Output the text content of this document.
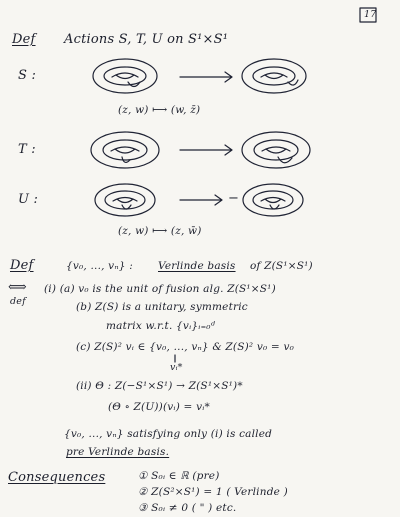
17
Def Actions S, T, U on S¹×S¹
S :
(z, w) ⟼ (w, z̄)
T :
U :	−
(z, w) ⟼ (z, w̄)
Def	{v₀, ..., vₙ} : Verlinde basis of Z(S¹×S¹)
⟺
def
(i) (a) v₀ is the unit of fusion alg. Z(S¹×S¹)
(b) Z(S) is a unitary, symmetric
matrix w.r.t. {vᵢ}ᵢ₌₀ᵈ
(c) Z(S)² vᵢ ∈ {v₀, ..., vₙ} & Z(S)² v₀ = v₀
vᵢ*
(ii) Θ : Z(−S¹×S¹) → Z(S¹×S¹)*
(Θ ∘ Z(U))(vᵢ) = vᵢ*
{v₀, ..., vₙ} satisfying only (i) is called
pre Verlinde basis.
Consequences	① S₀ᵢ ∈ ℝ (pre)
② Z(S²×S¹) = 1 ( Verlinde )
③ S₀ᵢ ≠ 0 ( " ) etc.
